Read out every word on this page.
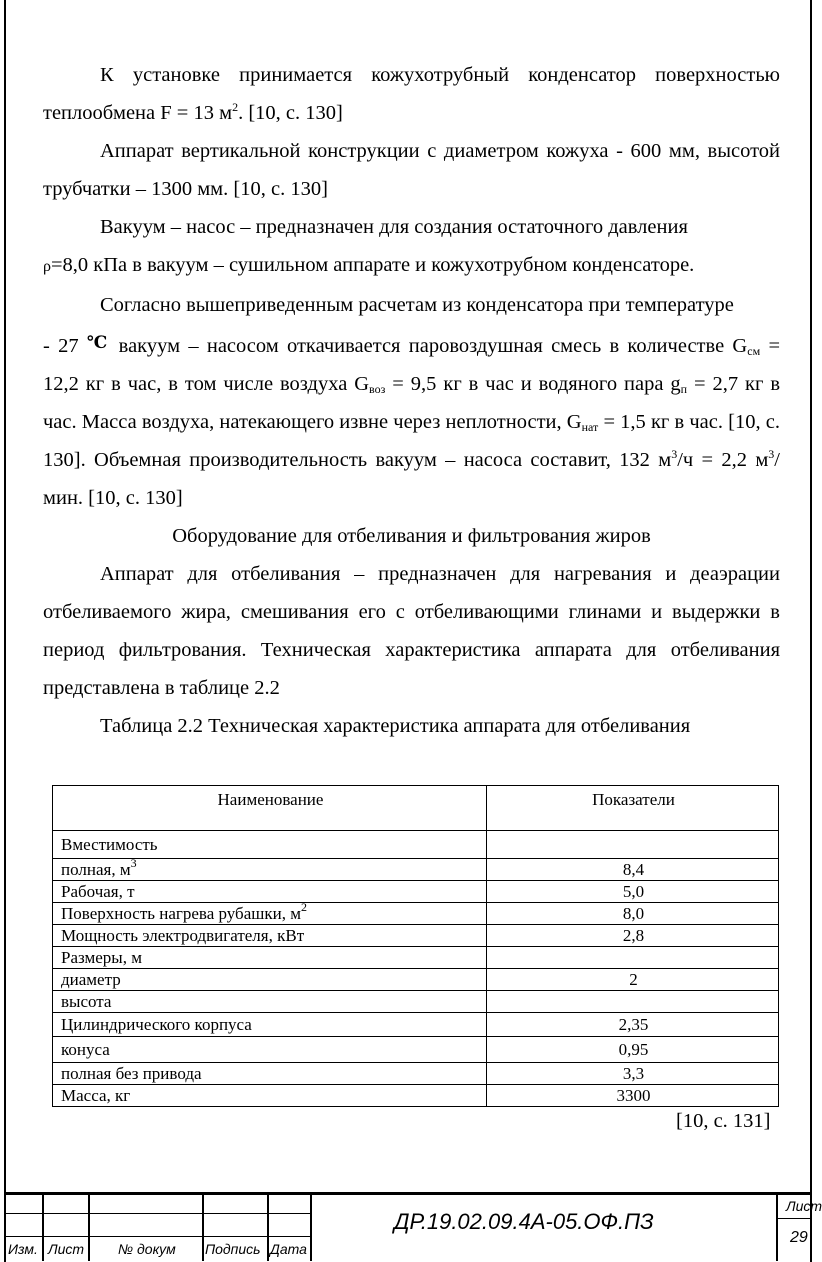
К установке принимается кожухотрубный конденсатор поверхностью теплообмена F = 13 $м^2$. [10, с. 130]

Аппарат вертикальной конструкции с диаметром кожуха - 600 мм, высотой трубчатки – 1300 мм. [10, с. 130]

Вакуум – насос – предназначен для создания остаточного давления

ρ=8,0 кПа в вакуум – сушильном аппарате и кожухотрубном конденсаторе.

Согласно вышеприведенным расчетам из конденсатора при температуре

- 27 ℃ вакуум – насосом откачивается паровоздушная смесь в количестве $G_{см} = 12,2$ кг в час, в том числе воздуха $G_{воз} = 9,5$ кг в час и водяного пара $g_п = 2,7$ кг в час. Масса воздуха, натекающего извне через неплотности, $G_{нат} = 1,5$ кг в час. [10, с. 130]. Объемная производительность вакуум – насоса составит, 132 $м^3/ч = 2,2$ $м^3$/мин. [10, с. 130]

Оборудование для отбеливания и фильтрования жиров

Аппарат для отбеливания – предназначен для нагревания и деаэрации отбеливаемого жира, смешивания его с отбеливающими глинами и выдержки в период фильтрования. Техническая характеристика аппарата для отбеливания представлена в таблице 2.2

Таблица 2.2 Техническая характеристика аппарата для отбеливания

Наименование	Показатели
Вместимость	
полная, $м^3$	8,4
Рабочая, т	5,0
Поверхность нагрева рубашки, $м^2$	8,0
Мощность электродвигателя, кВт	2,8
Размеры, м	
диаметр	2
высота	
Цилиндрического корпуса	2,35
конуса	0,95
полная без привода	3,3
Масса, кг	3300
[10, с. 131]
Изм. Лист № докум Подпись Дата
ДР.19.02.09.4А-05.ОФ.ПЗ
Лист
29
